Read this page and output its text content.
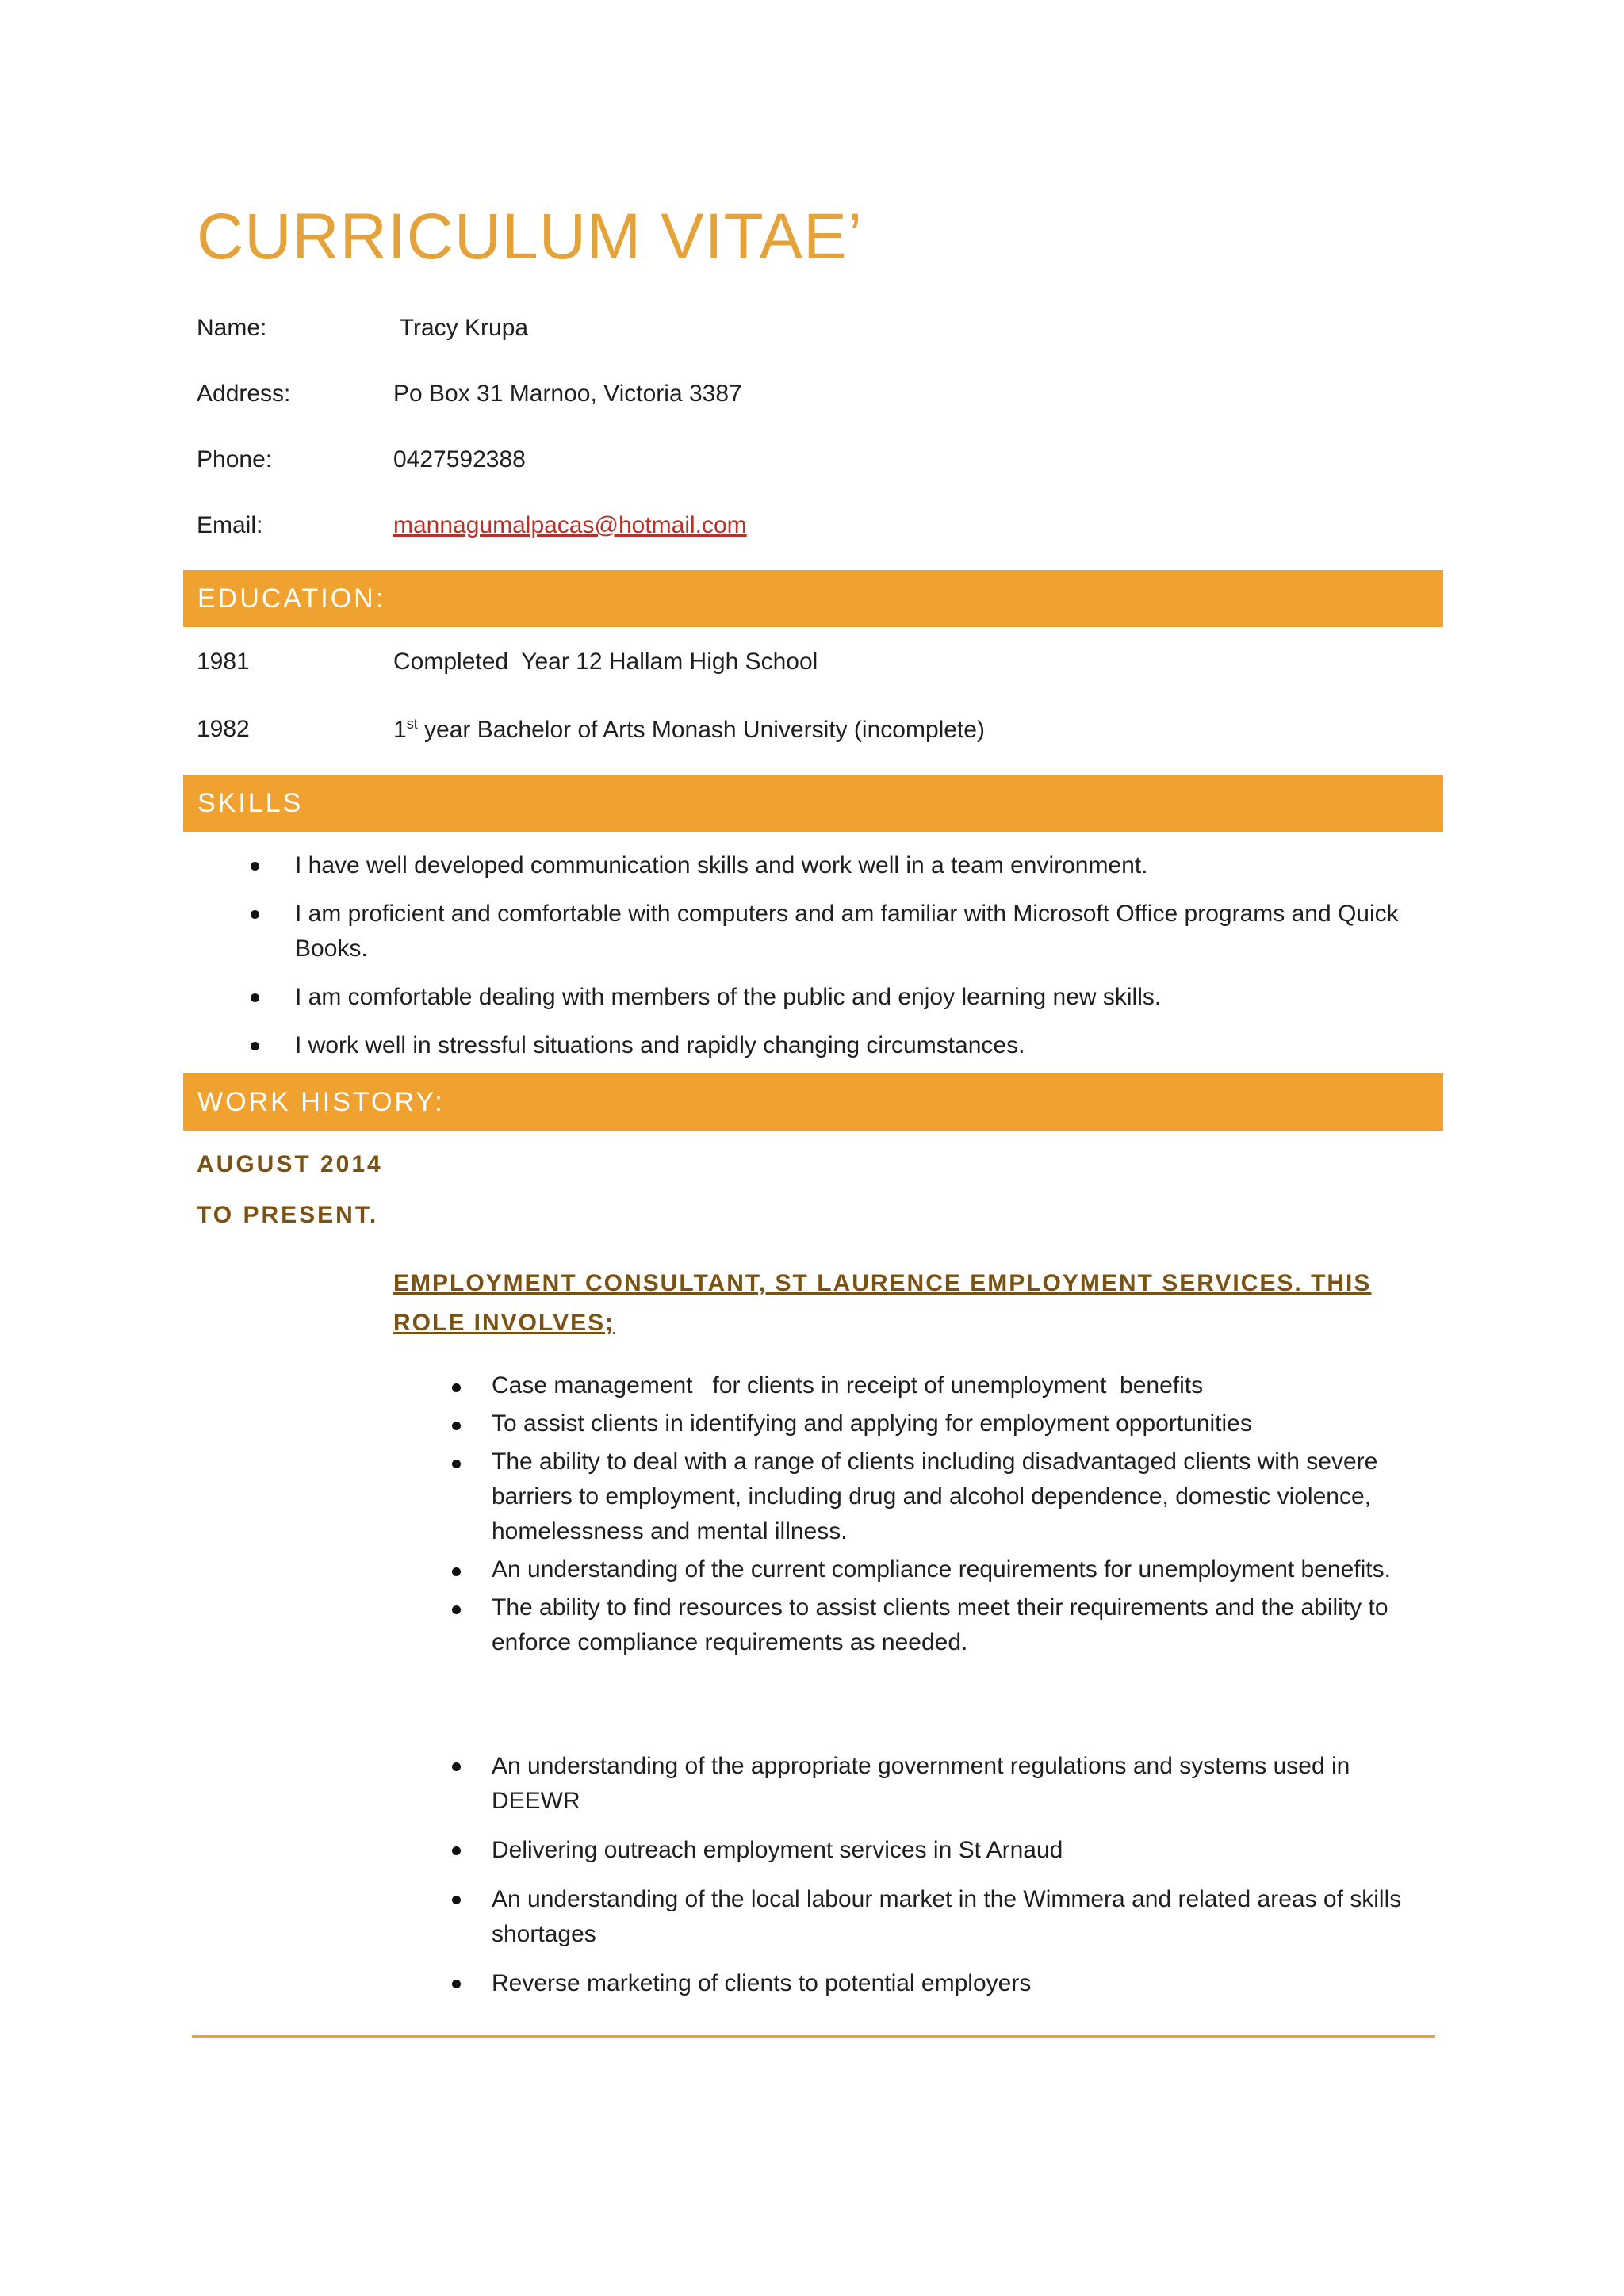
CURRICULUM VITAE’
Name:	Tracy Krupa
Address:	Po Box 31 Marnoo, Victoria 3387
Phone:	0427592388
Email:	mannagumalpacas@hotmail.com
EDUCATION:
1981	Completed  Year 12 Hallam High School
1982	1st year Bachelor of Arts Monash University (incomplete)
SKILLS
I have well developed communication skills and work well in a team environment.
I am proficient and comfortable with computers and am familiar with Microsoft Office programs and Quick Books.
I am comfortable dealing with members of the public and enjoy learning new skills.
I work well in stressful situations and rapidly changing circumstances.
WORK HISTORY:
AUGUST 2014
TO PRESENT.
EMPLOYMENT CONSULTANT, ST LAURENCE EMPLOYMENT SERVICES. THIS ROLE INVOLVES;
Case management   for clients in receipt of unemployment  benefits
To assist clients in identifying and applying for employment opportunities
The ability to deal with a range of clients including disadvantaged clients with severe barriers to employment, including drug and alcohol dependence, domestic violence, homelessness and mental illness.
An understanding of the current compliance requirements for unemployment benefits.
The ability to find resources to assist clients meet their requirements and the ability to enforce compliance requirements as needed.
An understanding of the appropriate government regulations and systems used in DEEWR
Delivering outreach employment services in St Arnaud
An understanding of the local labour market in the Wimmera and related areas of skills shortages
Reverse marketing of clients to potential employers
